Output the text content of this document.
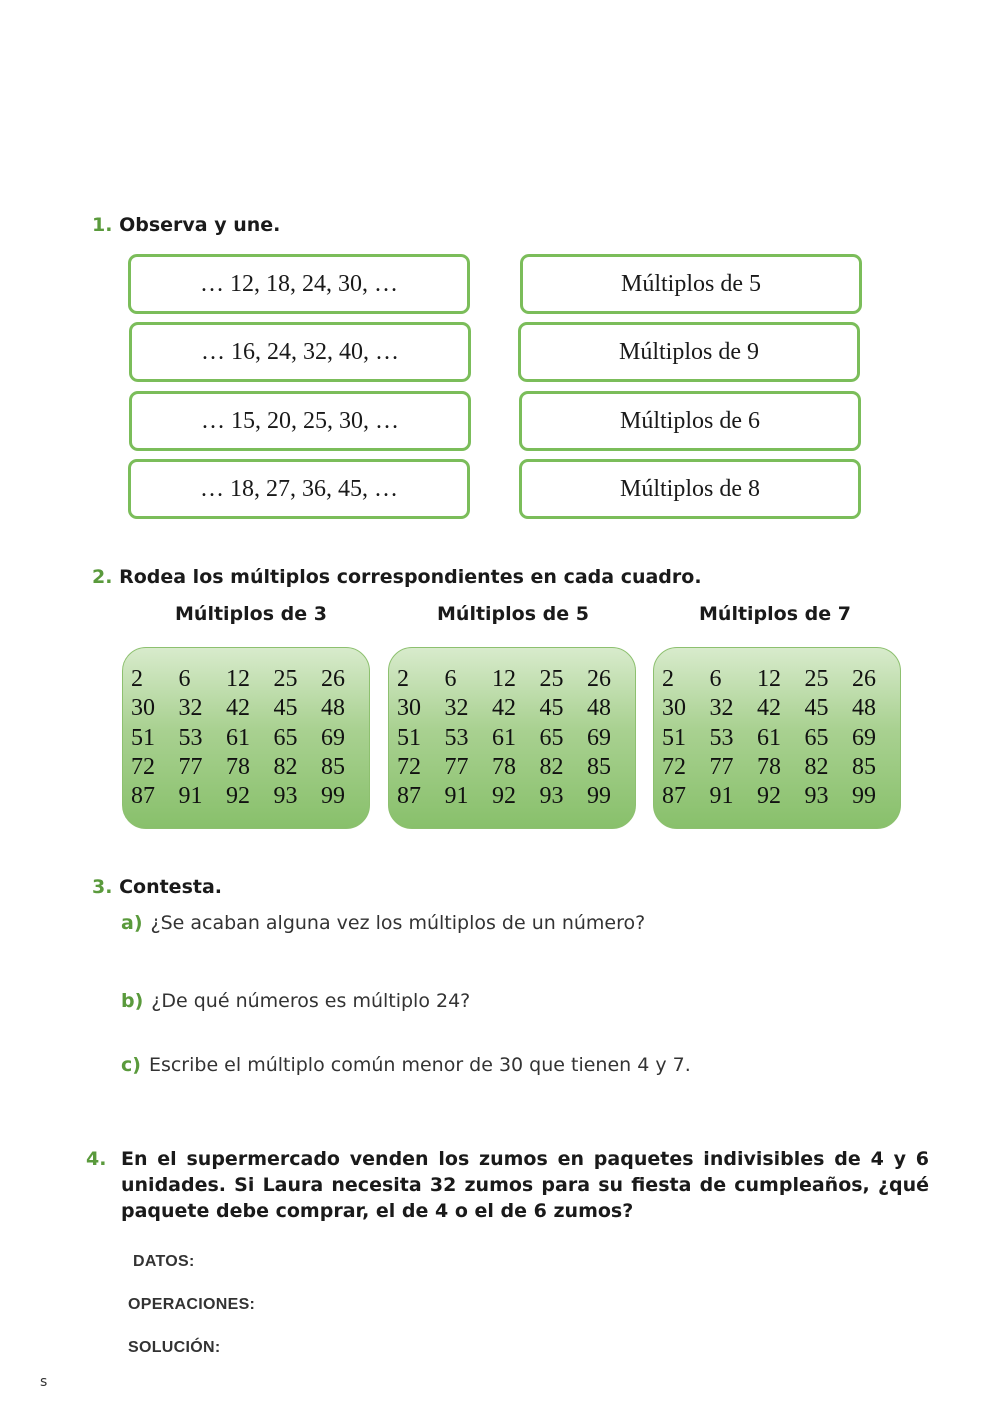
1. Observa y une.
… 12, 18, 24, 30, …
… 16, 24, 32, 40, …
… 15, 20, 25, 30, …
… 18, 27, 36, 45, …
Múltiplos de 5
Múltiplos de 9
Múltiplos de 6
Múltiplos de 8
2. Rodea los múltiplos correspondientes en cada cuadro.
Múltiplos de 3	Múltiplos de 5	Múltiplos de 7
2	6	12 25 26
30 32 42 45 48
51 53 61 65 69
72 77 78 82 85
87 91 92 93 99
2	6	12 25 26
30 32 42 45 48
51 53 61 65 69
72 77 78 82 85
87 91 92 93 99
2	6	12 25 26
30 32 42 45 48
51 53 61 65 69
72 77 78 82 85
87 91 92 93 99
3. Contesta.
a) ¿Se acaban alguna vez los múltiplos de un número?
b) ¿De qué números es múltiplo 24?
c) Escribe el múltiplo común menor de 30 que tienen 4 y 7.
4. En el supermercado venden los zumos en paquetes indivisibles de 4 y 6 unidades. Si Laura necesita 32 zumos para su fiesta de cumpleaños, ¿qué paquete debe comprar, el de 4 o el de 6 zumos?
DATOS:
OPERACIONES:
SOLUCIÓN:
s
